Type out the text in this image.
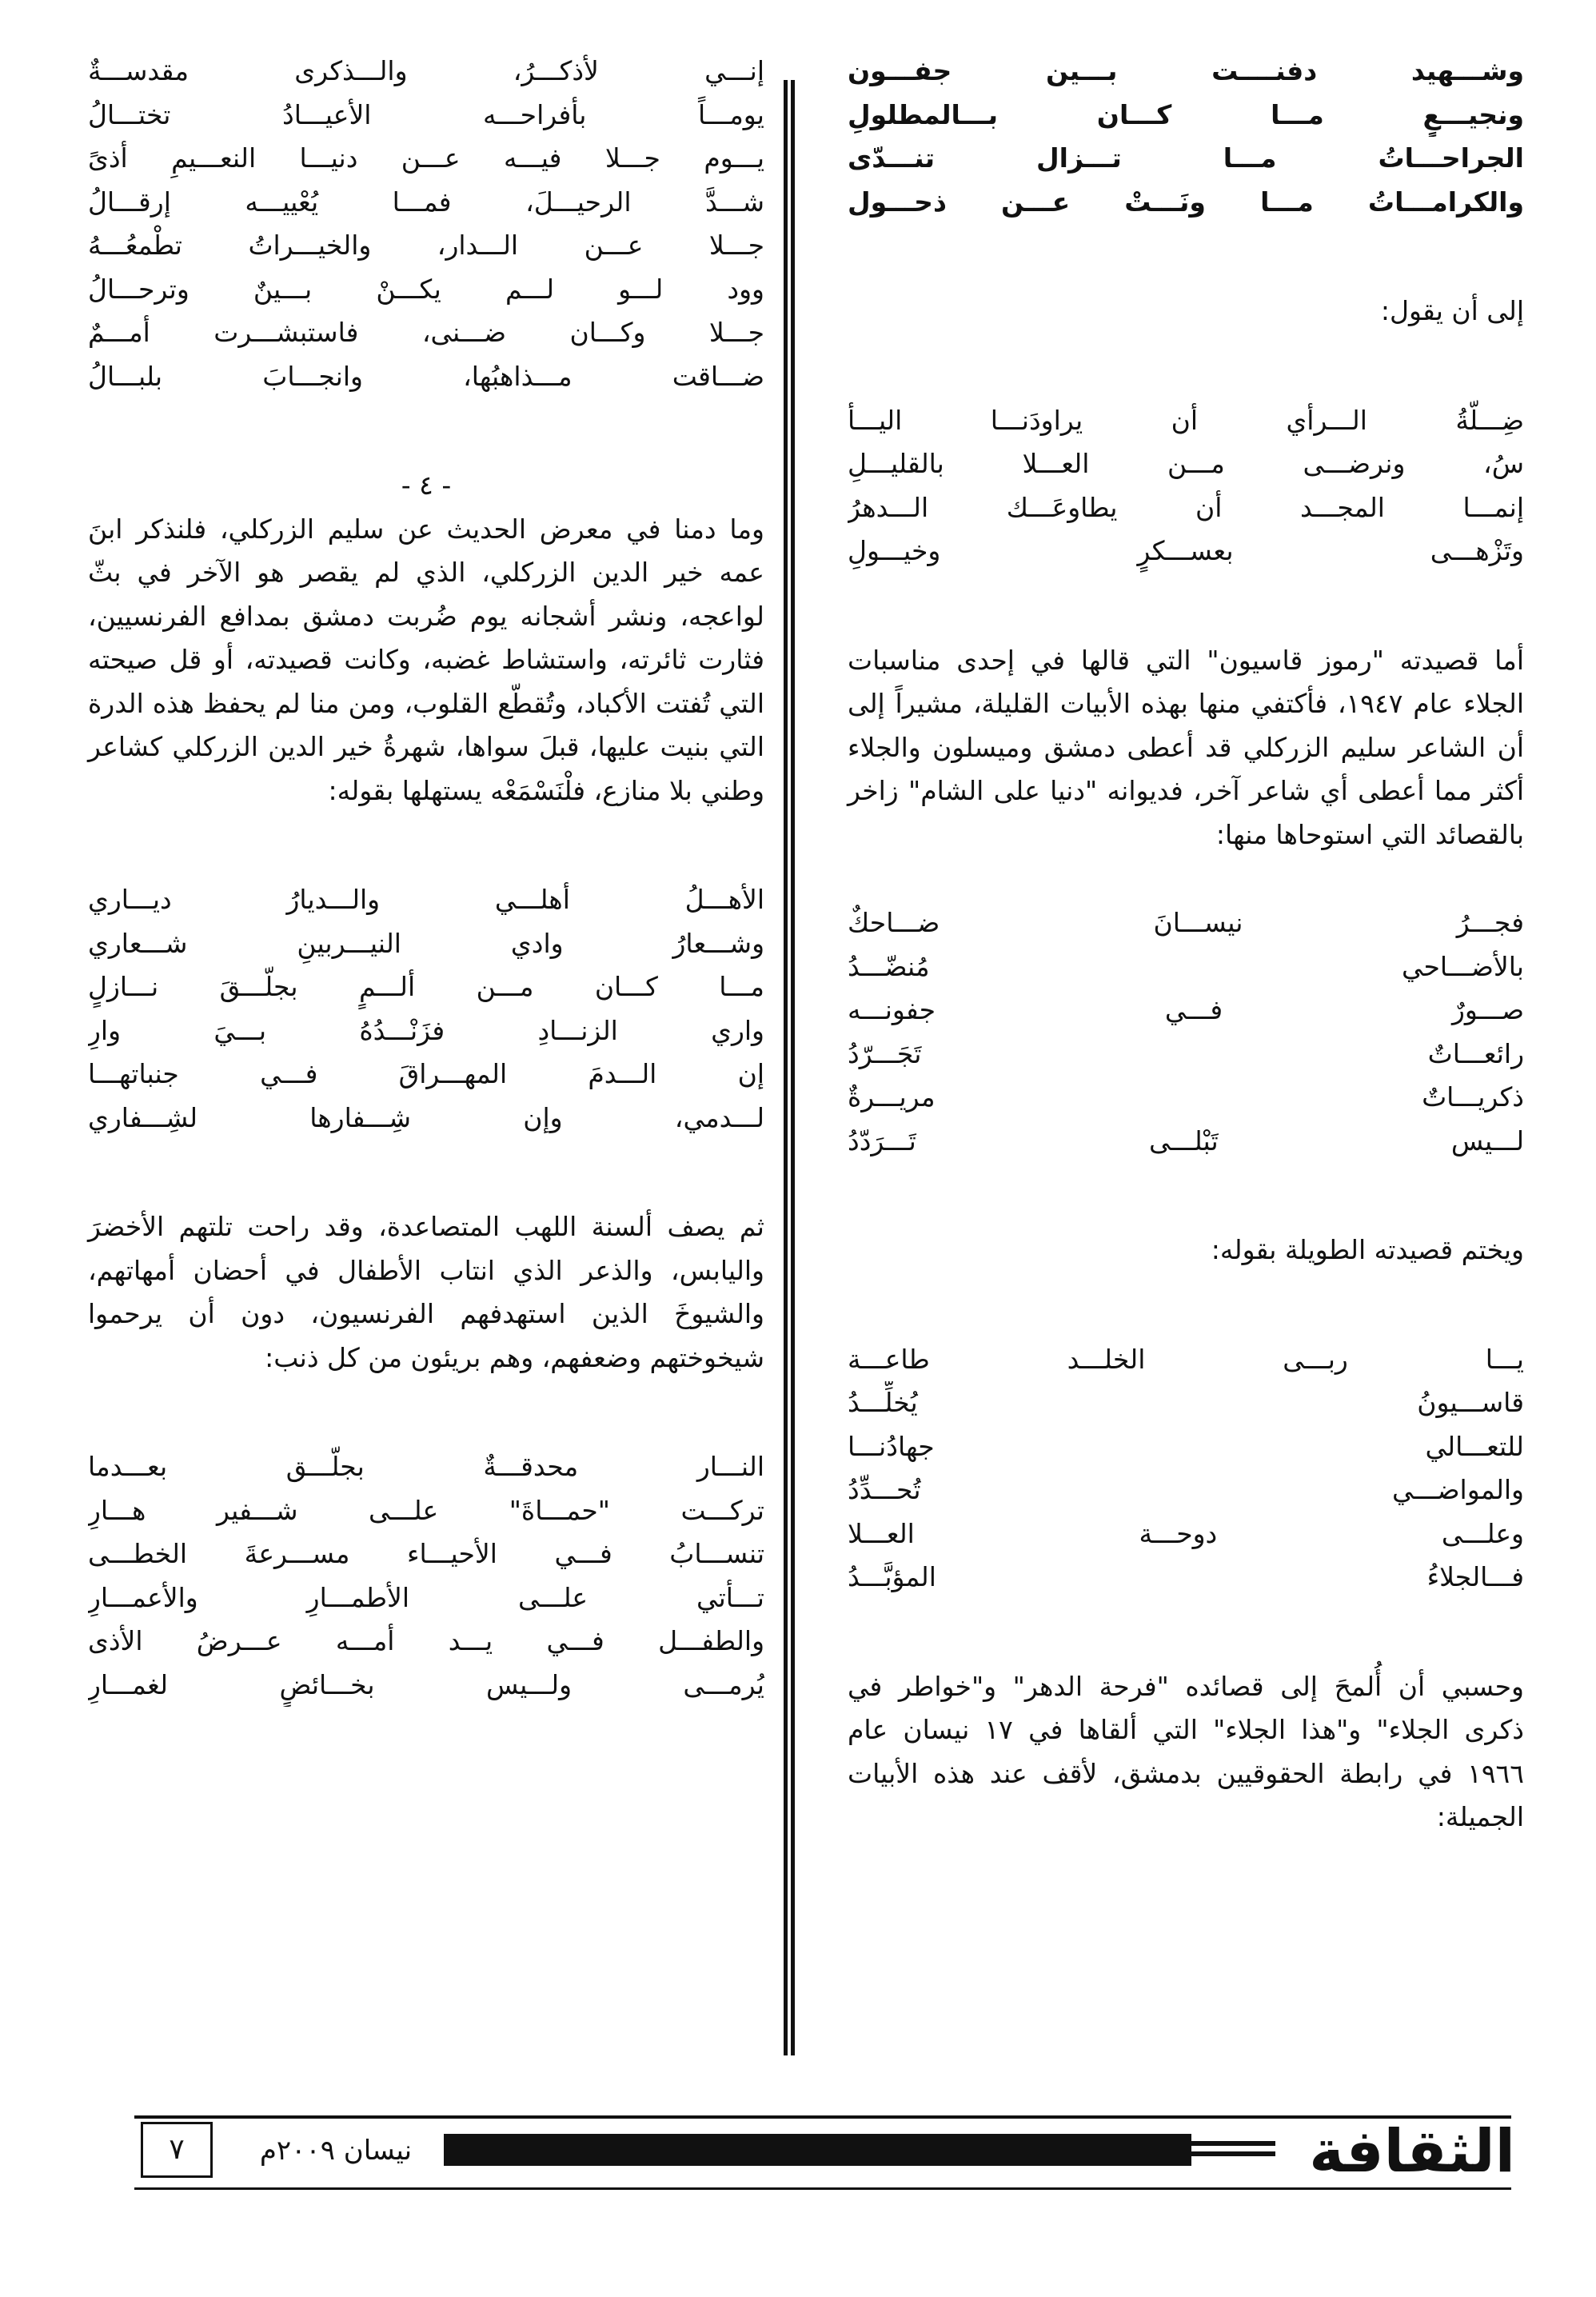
وشـــهيد دفنــــت بـــين جفـــون
ونجيـــعٍ مـــا كـــان بـــالمطلولِ
الجراحـــاتُ مـــا تـــزال تنـــدّى
والكرامـــاتُ مـــا ونَـــتْ عـــن ذحـــول

إلى أن يقول:

ضِـــلّةُ الـــرأي أن يراودَنـــا اليـــأ
سُ، ونرضـــى مـــن العـــلا بالقليـــلِ
إنمـــا المجـــد أن يطاوعَـــك الـــدهرُ
وتَزْهـــى بعســـكرٍ وخيـــولِ

أما قصيدته "رموز قاسيون" التي قالها في إحدى مناسبات الجلاء عام ١٩٤٧، فأكتفي منها بهذه الأبيات القليلة، مشيراً إلى أن الشاعر سليم الزركلي قد أعطى دمشق وميسلون والجلاء أكثر مما أعطى أي شاعر آخر، فديوانه "دنيا على الشام" زاخر بالقصائد التي استوحاها منها:

فجـــرُ نيســـانَ ضـــاحكٌ
بالأضـــاحي مُنضّـــدُ
صـــورٌ فـــي جفونـــه
رائعـــاتٌ تَجَـــرّدُ
ذكريـــاتٌ مريـــرةٌ
لـــيس تَبْلـــى تَـــرَدّدُ

ويختم قصيدته الطويلة بقوله:

يـــا ربـــى الخلـــد طاعـــة
قاســـيونُ يُخلِّـــدُ
للتعـــالي جهادُنـــا
والمواضـــي تُحـــدِّدُ
وعلـــى دوحـــة العـــلا
فـــالجلاءُ المؤبَّـــدُ

وحسبي أن أُلمحَ إلى قصائده "فرحة الدهر" و"خواطر في ذكرى الجلاء" و"هذا الجلاء" التي ألقاها في ١٧ نيسان عام ١٩٦٦ في رابطة الحقوقيين بدمشق، لأقف عند هذه الأبيات الجميلة:

إنـــي لأذكـــرُ، والـــذكرى مقدســـةٌ
يومـــاً بأفراحـــه الأعيـــادُ تختـــالُ
يـــوم جـــلا فيـــه عـــن دنيـــا النعـــيمِ أذىً
شـــدَّ الرحيـــلَ، فمـــا يُعْييـــه إرقـــالُ
جـــلا عـــن الـــدار، والخيـــراتُ تطْمعُـــهُ
وود لـــو لـــم يكـــنْ بـــينٌ وترحـــالُ
جـــلا وكـــان ضـــنى، فاستبشـــرت أمـــمٌ
ضـــاقت مـــذاهبُها، وانجـــابَ بلبـــالُ

- ٤ -

وما دمنا في معرض الحديث عن سليم الزركلي، فلنذكر ابنَ عمه خير الدين الزركلي، الذي لم يقصر هو الآخر في بثّ لواعجه، ونشر أشجانه يوم ضُربت دمشق بمدافع الفرنسيين، فثارت ثائرته، واستشاط غضبه، وكانت قصيدته، أو قل صيحته التي تُفتت الأكباد، وتُقطّع القلوب، ومن منا لم يحفظ هذه الدرة التي بنيت عليها، قبلَ سواها، شهرةُ خير الدين الزركلي كشاعر وطني بلا منازع، فلْنَسْمَعْه يستهلها بقوله:

الأهـــلُ أهلـــي والـــديارُ ديـــاري
وشـــعارُ وادي النيـــربينِ شـــعاري
مـــا كـــان مـــن ألـــمٍ بجلّـــقَ نـــازلٍ
واري الزنـــادِ فزَنْـــدُهُ بـــيَ وارِ
إن الـــدمَ المهـــراقَ فـــي جنباتهـــا
لـــدمي، وإن شِـــفارها لشِـــفاري

ثم يصف ألسنة اللهب المتصاعدة، وقد راحت تلتهم الأخضرَ واليابس، والذعر الذي انتاب الأطفال في أحضان أمهاتهم، والشيوخَ الذين استهدفهم الفرنسيون، دون أن يرحموا شيخوختهم وضعفهم، وهم بريئون من كل ذنب:

النـــار محدقـــةٌ بجلّـــق بعـــدما
تركـــت "حمـــاةَ" علـــى شـــفير هـــارِ
تنســـابُ فـــي الأحيـــاء مســـرعةَ الخطـــى
تـــأتي علـــى الأطمـــارِ والأعمـــارِ
والطفـــل فـــي يـــد أمـــه عـــرضُ الأذى
يُرمـــى ولـــيس بخـــائضٍ لغمـــارِ
الثقافة
نيسان ٢٠٠٩م
٧
